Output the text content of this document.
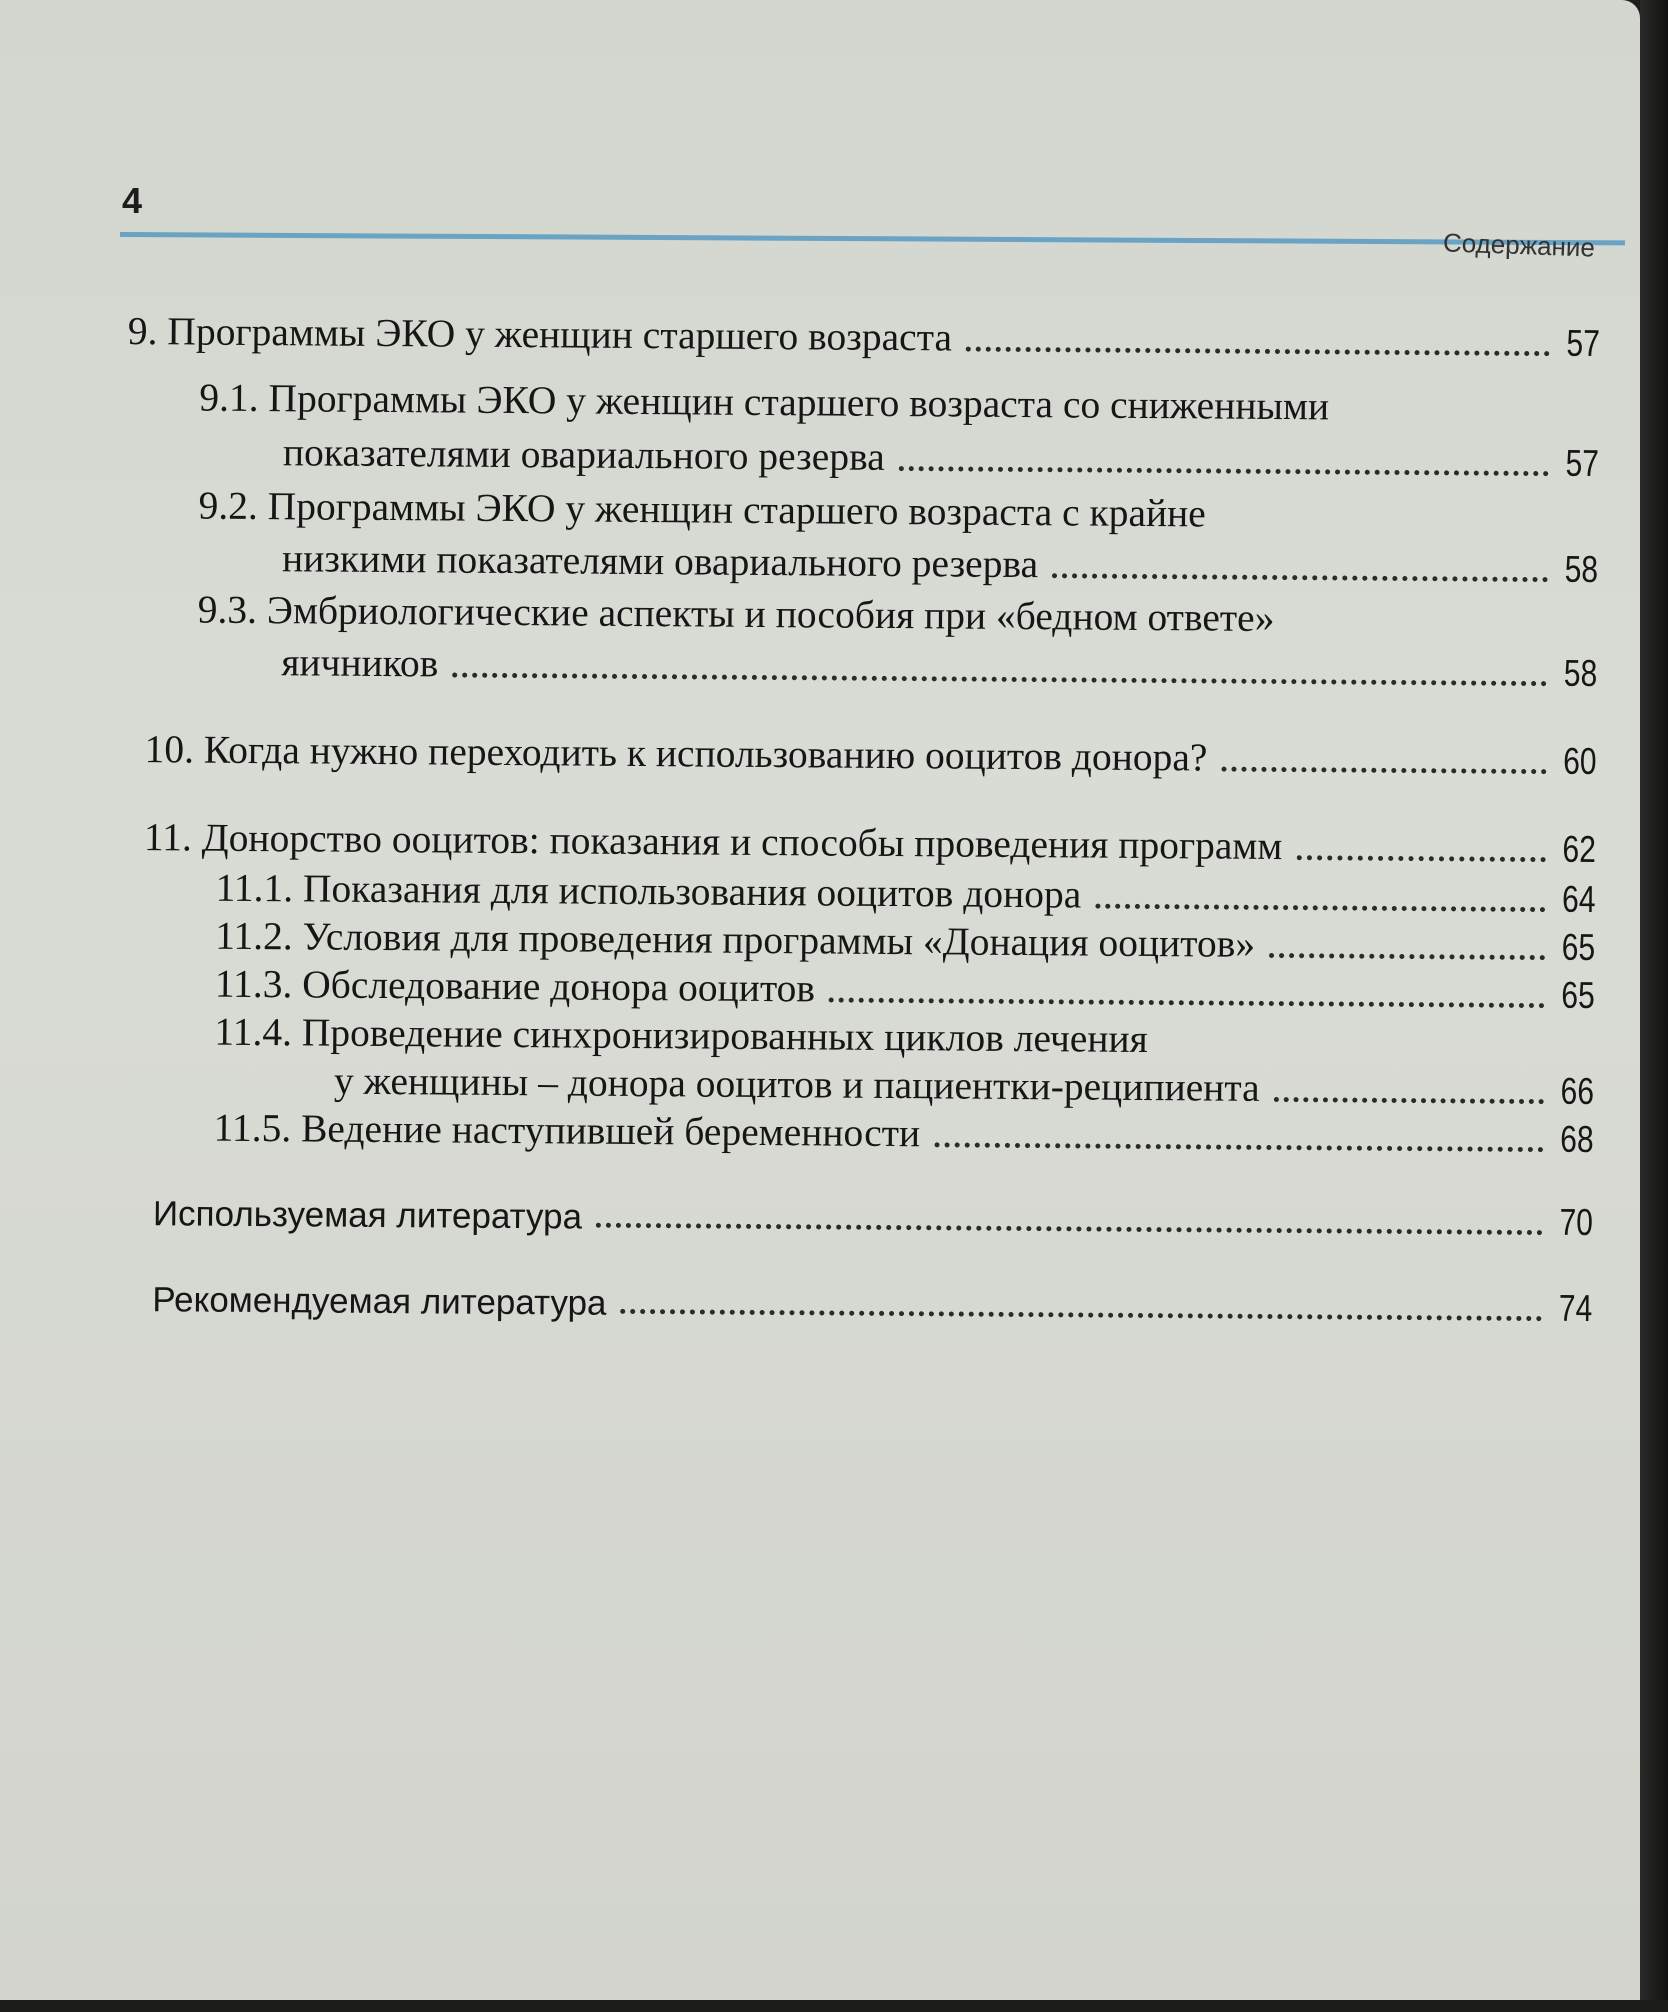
4
Содержание
9. Программы ЭКО у женщин старшего возраста	57
9.1. Программы ЭКО у женщин старшего возраста со сниженными
показателями овариального резерва	57
9.2. Программы ЭКО у женщин старшего возраста с крайне
низкими показателями овариального резерва	58
9.3. Эмбриологические аспекты и пособия при «бедном ответе»
яичников	58
10. Когда нужно переходить к использованию ооцитов донора?	60
11. Донорство ооцитов: показания и способы проведения программ	62
11.1. Показания для использования ооцитов донора	64
11.2. Условия для проведения программы «Донация ооцитов»	65
11.3. Обследование донора ооцитов	65
11.4. Проведение синхронизированных циклов лечения
у женщины – донора ооцитов и пациентки-реципиента	66
11.5. Ведение наступившей беременности	68
Используемая литература	70
Рекомендуемая литература	74
